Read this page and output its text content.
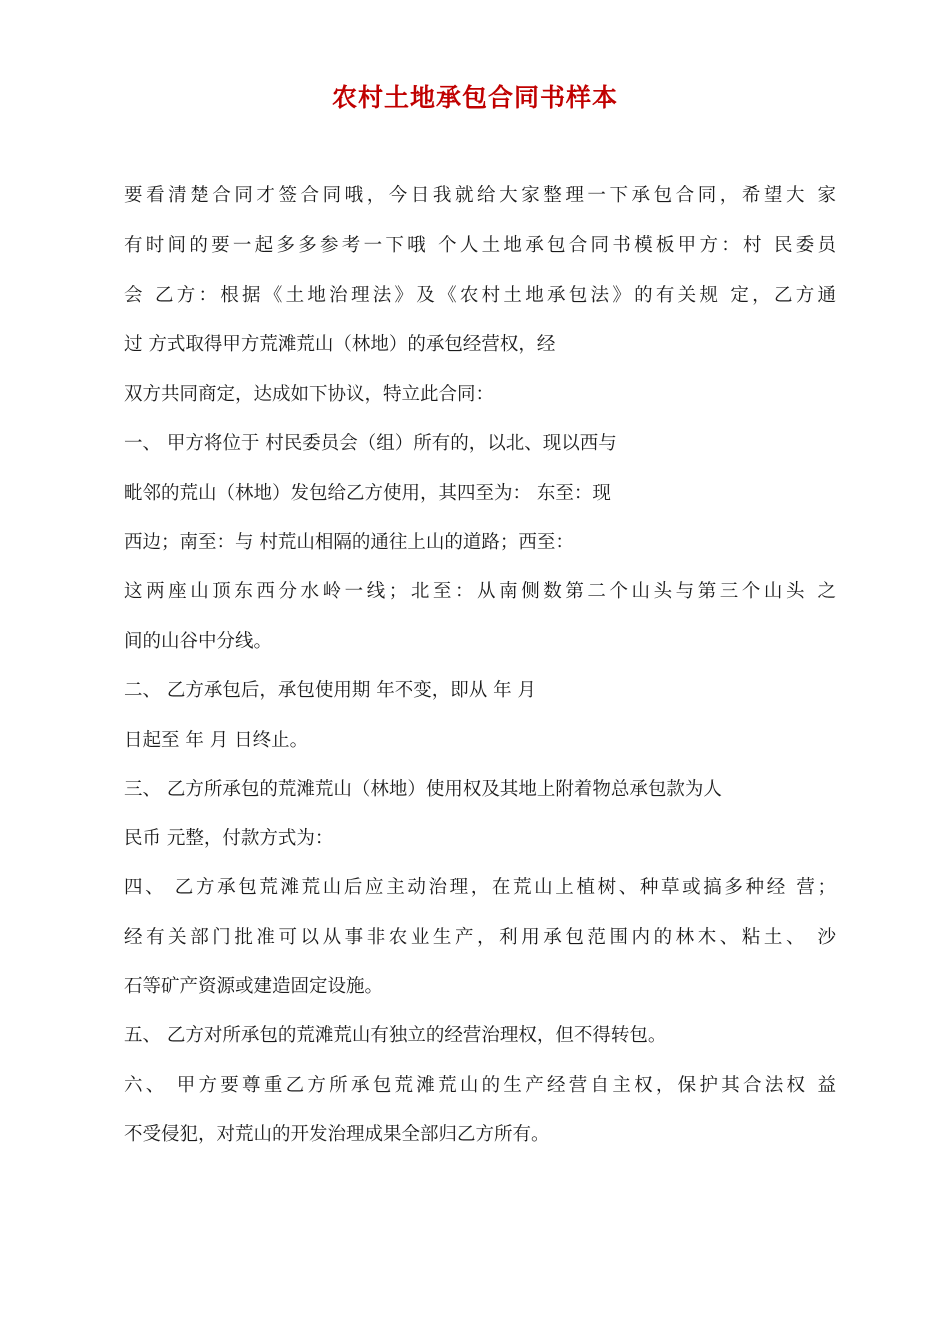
农村土地承包合同书样本
要看清楚合同才签合同哦，今日我就给大家整理一下承包合同，希望大 家
有时间的要一起多多参考一下哦 个人土地承包合同书模板甲方：村 民委员
会 乙方：根据《土地治理法》及《农村土地承包法》的有关规 定，乙方通
过 方式取得甲方荒滩荒山（林地）的承包经营权，经
双方共同商定，达成如下协议，特立此合同：
一、 甲方将位于 村民委员会（组）所有的，以北、现以西与
毗邻的荒山（林地）发包给乙方使用，其四至为： 东至：现
西边；南至：与 村荒山相隔的通往上山的道路；西至：
这两座山顶东西分水岭一线；北至：从南侧数第二个山头与第三个山头 之
间的山谷中分线。
二、 乙方承包后，承包使用期 年不变，即从 年 月
日起至 年 月 日终止。
三、 乙方所承包的荒滩荒山（林地）使用权及其地上附着物总承包款为人
民币 元整，付款方式为：
四、 乙方承包荒滩荒山后应主动治理，在荒山上植树、种草或搞多种经 营；
经有关部门批准可以从事非农业生产，利用承包范围内的林木、粘土、 沙
石等矿产资源或建造固定设施。
五、 乙方对所承包的荒滩荒山有独立的经营治理权，但不得转包。
六、 甲方要尊重乙方所承包荒滩荒山的生产经营自主权，保护其合法权 益
不受侵犯，对荒山的开发治理成果全部归乙方所有。
